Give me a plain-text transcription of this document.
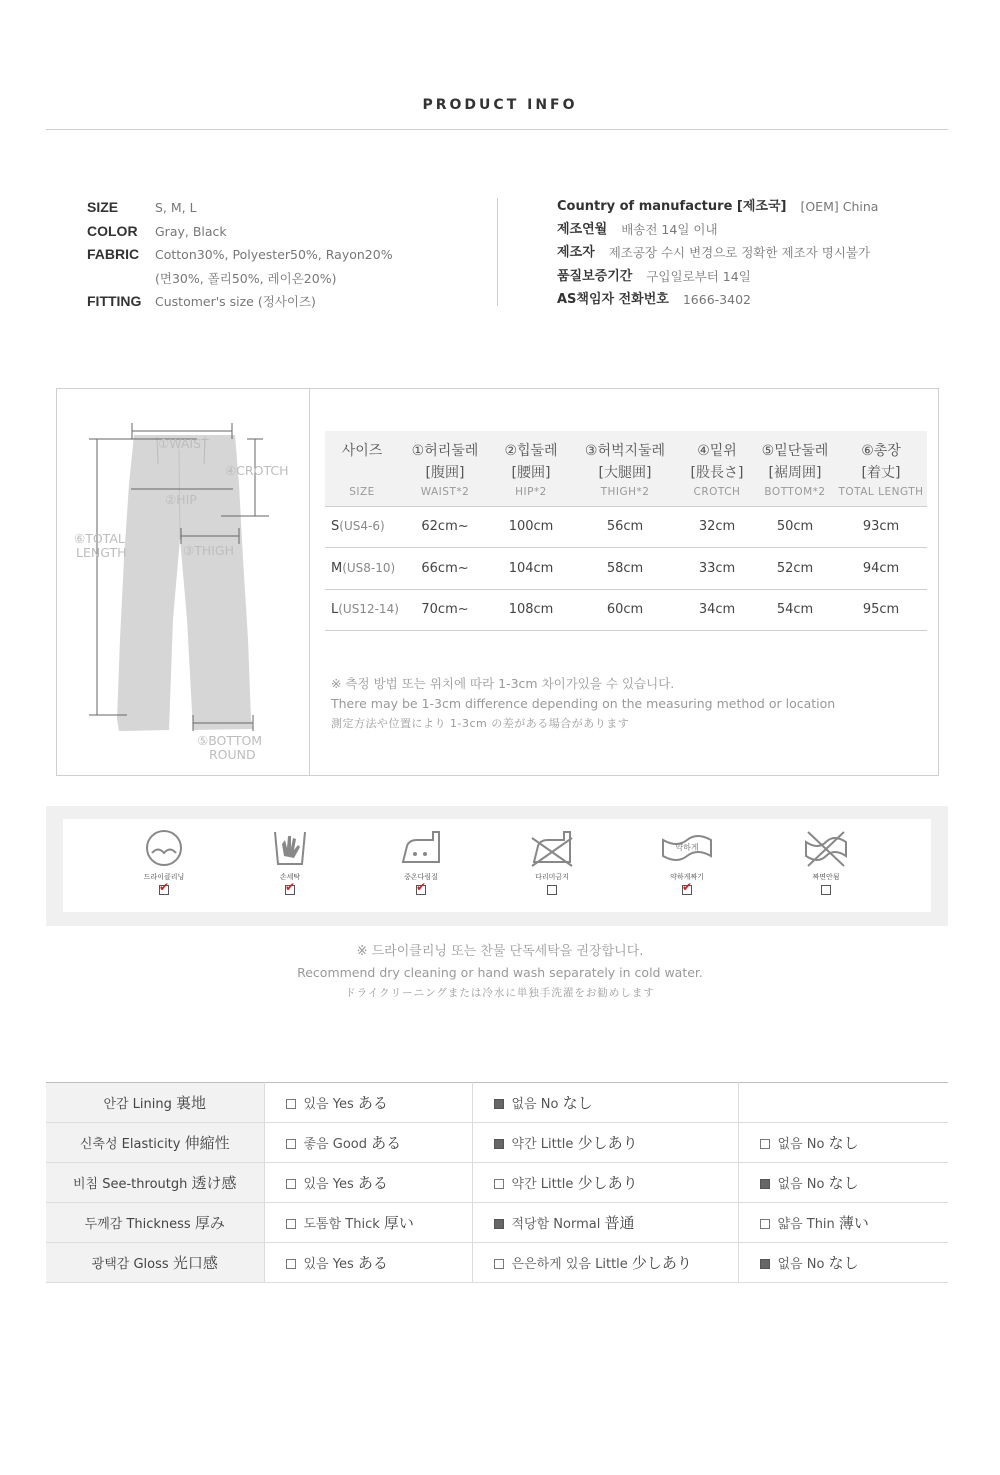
PRODUCT INFO
SIZE	S, M, L
COLOR	Gray, Black
FABRIC	Cotton30%, Polyester50%, Rayon20%
(면30%, 폴리50%, 레이온20%)
FITTING	Customer's size (정사이즈)
Country of manufacture [제조국] [OEM] China
제조연월 배송전 14일 이내
제조자 제조공장 수시 변경으로 정확한 제조자 명시불가
품질보증기간 구입일로부터 14일
AS책임자 전화번호 1666-3402
①WAIST
④CROTCH
②HIP
⑥TOTAL
LENGTH	③THIGH
⑤BOTTOM
ROUND
사이즈	①허리둘레	②힙둘레	③허벅지둘레	④밑위	⑤밑단둘레	⑥총장
	[腹囲]	[腰囲]	[大腿囲]	[股長さ]	[裾周囲]	[着丈]
SIZE	WAIST*2	HIP*2	THIGH*2	CROTCH	BOTTOM*2	TOTAL LENGTH
S(US4-6)	62cm~	100cm	56cm	32cm	50cm	93cm
M(US8-10)	66cm~	104cm	58cm	33cm	52cm	94cm
L(US12-14)	70cm~	108cm	60cm	34cm	54cm	95cm
※ 측정 방법 또는 위치에 따라 1-3cm 차이가있을 수 있습니다.
There may be 1-3cm difference depending on the measuring method or location
測定方法や位置により 1-3cm の差がある場合があります
드라이클리닝
✔
손세탁
✔
중온다림질
✔
다리미금지
약하게
약하게짜기
✔
짜면안됨
※ 드라이클리닝 또는 찬물 단독세탁을 권장합니다.
Recommend dry cleaning or hand wash separately in cold water.
ドライクリーニングまたは冷水に単独手洗濯をお勧めします
안감 Lining 裏地	있음 Yes ある	없음 No なし	
신축성 Elasticity 伸縮性	좋음 Good ある	약간 Little 少しあり	없음 No なし
비침 See-throutgh 透け感	있음 Yes ある	약간 Little 少しあり	없음 No なし
두께감 Thickness 厚み	도톰함 Thick 厚い	적당함 Normal 普通	얇음 Thin 薄い
광택감 Gloss 光口感	있음 Yes ある	은은하게 있음 Little 少しあり	없음 No なし
